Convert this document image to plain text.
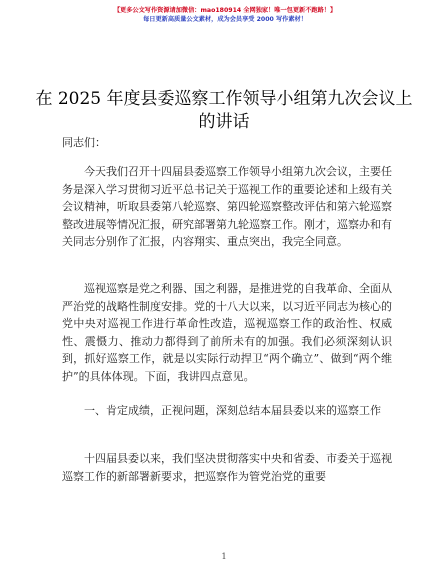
【更多公文写作资源请加微信：mao180914 全网独家！唯一包更新不跑路！】
每日更新高质量公文素材，成为会员享受 2000 写作素材！
在 2025 年度县委巡察工作领导小组第九次会议上的讲话
同志们：
今天我们召开十四届县委巡察工作领导小组第九次会议，主要任务是深入学习贯彻习近平总书记关于巡视工作的重要论述和上级有关会议精神，听取县委第八轮巡察、第四轮巡察整改评估和第六轮巡察整改进展等情况汇报，研究部署第九轮巡察工作。刚才，巡察办和有关同志分别作了汇报，内容翔实、重点突出，我完全同意。
巡视巡察是党之利器、国之利器，是推进党的自我革命、全面从严治党的战略性制度安排。党的十八大以来，以习近平同志为核心的党中央对巡视工作进行革命性改造，巡视巡察工作的政治性、权威性、震慑力、推动力都得到了前所未有的加强。我们必须深刻认识到，抓好巡察工作，就是以实际行动捍卫“两个确立”、做到“两个维护”的具体体现。下面，我讲四点意见。
一、肯定成绩，正视问题，深刻总结本届县委以来的巡察工作
十四届县委以来，我们坚决贯彻落实中央和省委、市委关于巡视巡察工作的新部署新要求，把巡察作为管党治党的重要
1
